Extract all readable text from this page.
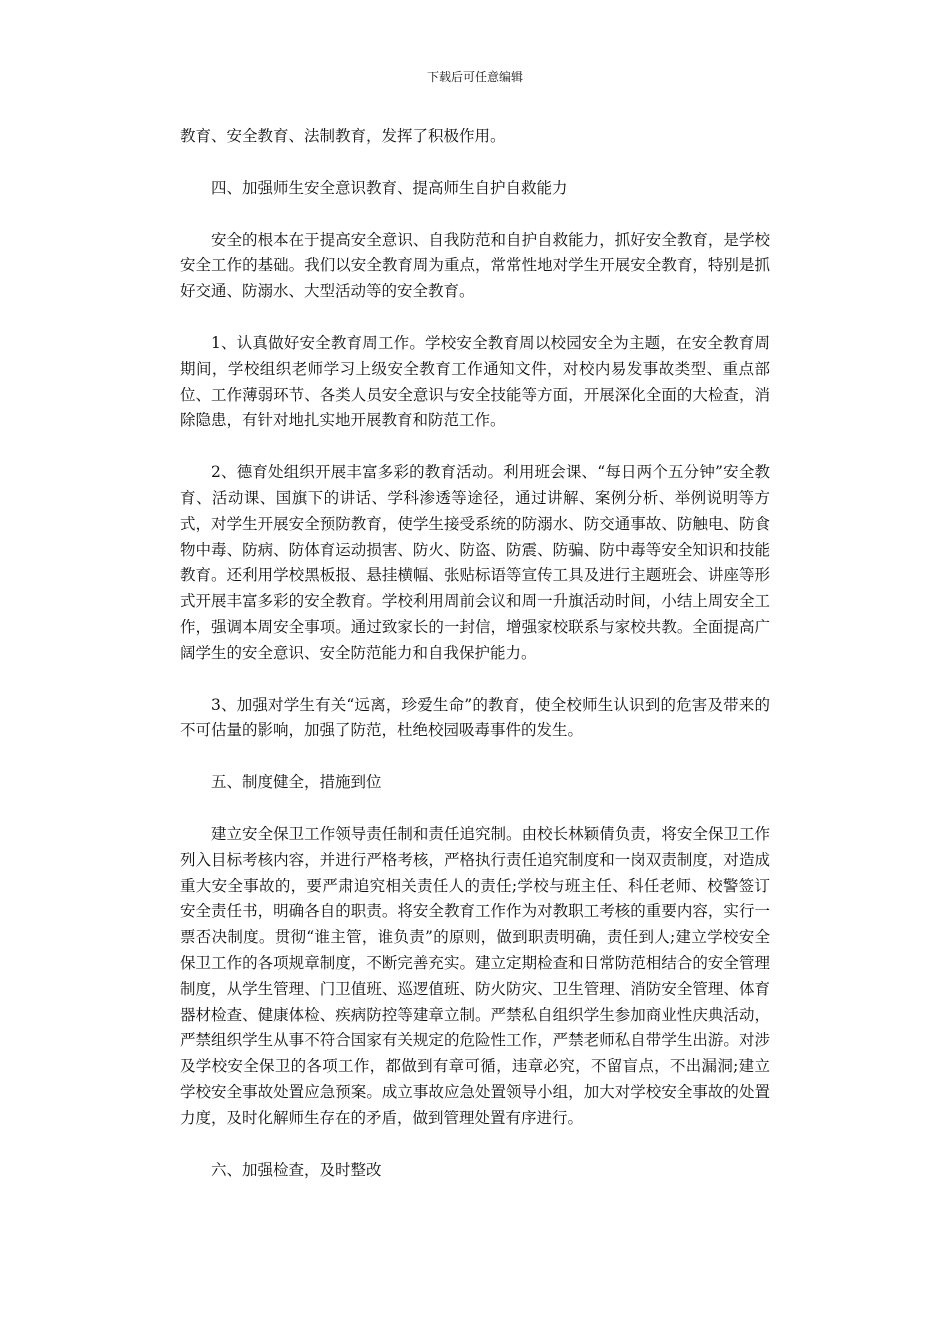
下载后可任意编辑

教育、安全教育、法制教育，发挥了积极作用。

四、加强师生安全意识教育、提高师生自护自救能力

安全的根本在于提高安全意识、自我防范和自护自救能力，抓好安全教育，是学校安全工作的基础。我们以安全教育周为重点，常常性地对学生开展安全教育，特别是抓好交通、防溺水、大型活动等的安全教育。

1、认真做好安全教育周工作。学校安全教育周以校园安全为主题，在安全教育周期间，学校组织老师学习上级安全教育工作通知文件，对校内易发事故类型、重点部位、工作薄弱环节、各类人员安全意识与安全技能等方面，开展深化全面的大检查，消除隐患，有针对地扎实地开展教育和防范工作。

2、德育处组织开展丰富多彩的教育活动。利用班会课、“每日两个五分钟”安全教育、活动课、国旗下的讲话、学科渗透等途径，通过讲解、案例分析、举例说明等方式，对学生开展安全预防教育，使学生接受系统的防溺水、防交通事故、防触电、防食物中毒、防病、防体育运动损害、防火、防盗、防震、防骗、防中毒等安全知识和技能教育。还利用学校黑板报、悬挂横幅、张贴标语等宣传工具及进行主题班会、讲座等形式开展丰富多彩的安全教育。学校利用周前会议和周一升旗活动时间，小结上周安全工作，强调本周安全事项。通过致家长的一封信，增强家校联系与家校共教。全面提高广阔学生的安全意识、安全防范能力和自我保护能力。

3、加强对学生有关“远离，珍爱生命”的教育，使全校师生认识到的危害及带来的不可估量的影响，加强了防范，杜绝校园吸毒事件的发生。

五、制度健全，措施到位

建立安全保卫工作领导责任制和责任追究制。由校长林颖倩负责，将安全保卫工作列入目标考核内容，并进行严格考核，严格执行责任追究制度和一岗双责制度，对造成重大安全事故的，要严肃追究相关责任人的责任;学校与班主任、科任老师、校警签订安全责任书，明确各自的职责。将安全教育工作作为对教职工考核的重要内容，实行一票否决制度。贯彻“谁主管，谁负责”的原则，做到职责明确，责任到人;建立学校安全保卫工作的各项规章制度，不断完善充实。建立定期检查和日常防范相结合的安全管理制度，从学生管理、门卫值班、巡逻值班、防火防灾、卫生管理、消防安全管理、体育器材检查、健康体检、疾病防控等建章立制。严禁私自组织学生参加商业性庆典活动，严禁组织学生从事不符合国家有关规定的危险性工作，严禁老师私自带学生出游。对涉及学校安全保卫的各项工作，都做到有章可循，违章必究，不留盲点，不出漏洞;建立学校安全事故处置应急预案。成立事故应急处置领导小组，加大对学校安全事故的处置力度，及时化解师生存在的矛盾，做到管理处置有序进行。

六、加强检查，及时整改
